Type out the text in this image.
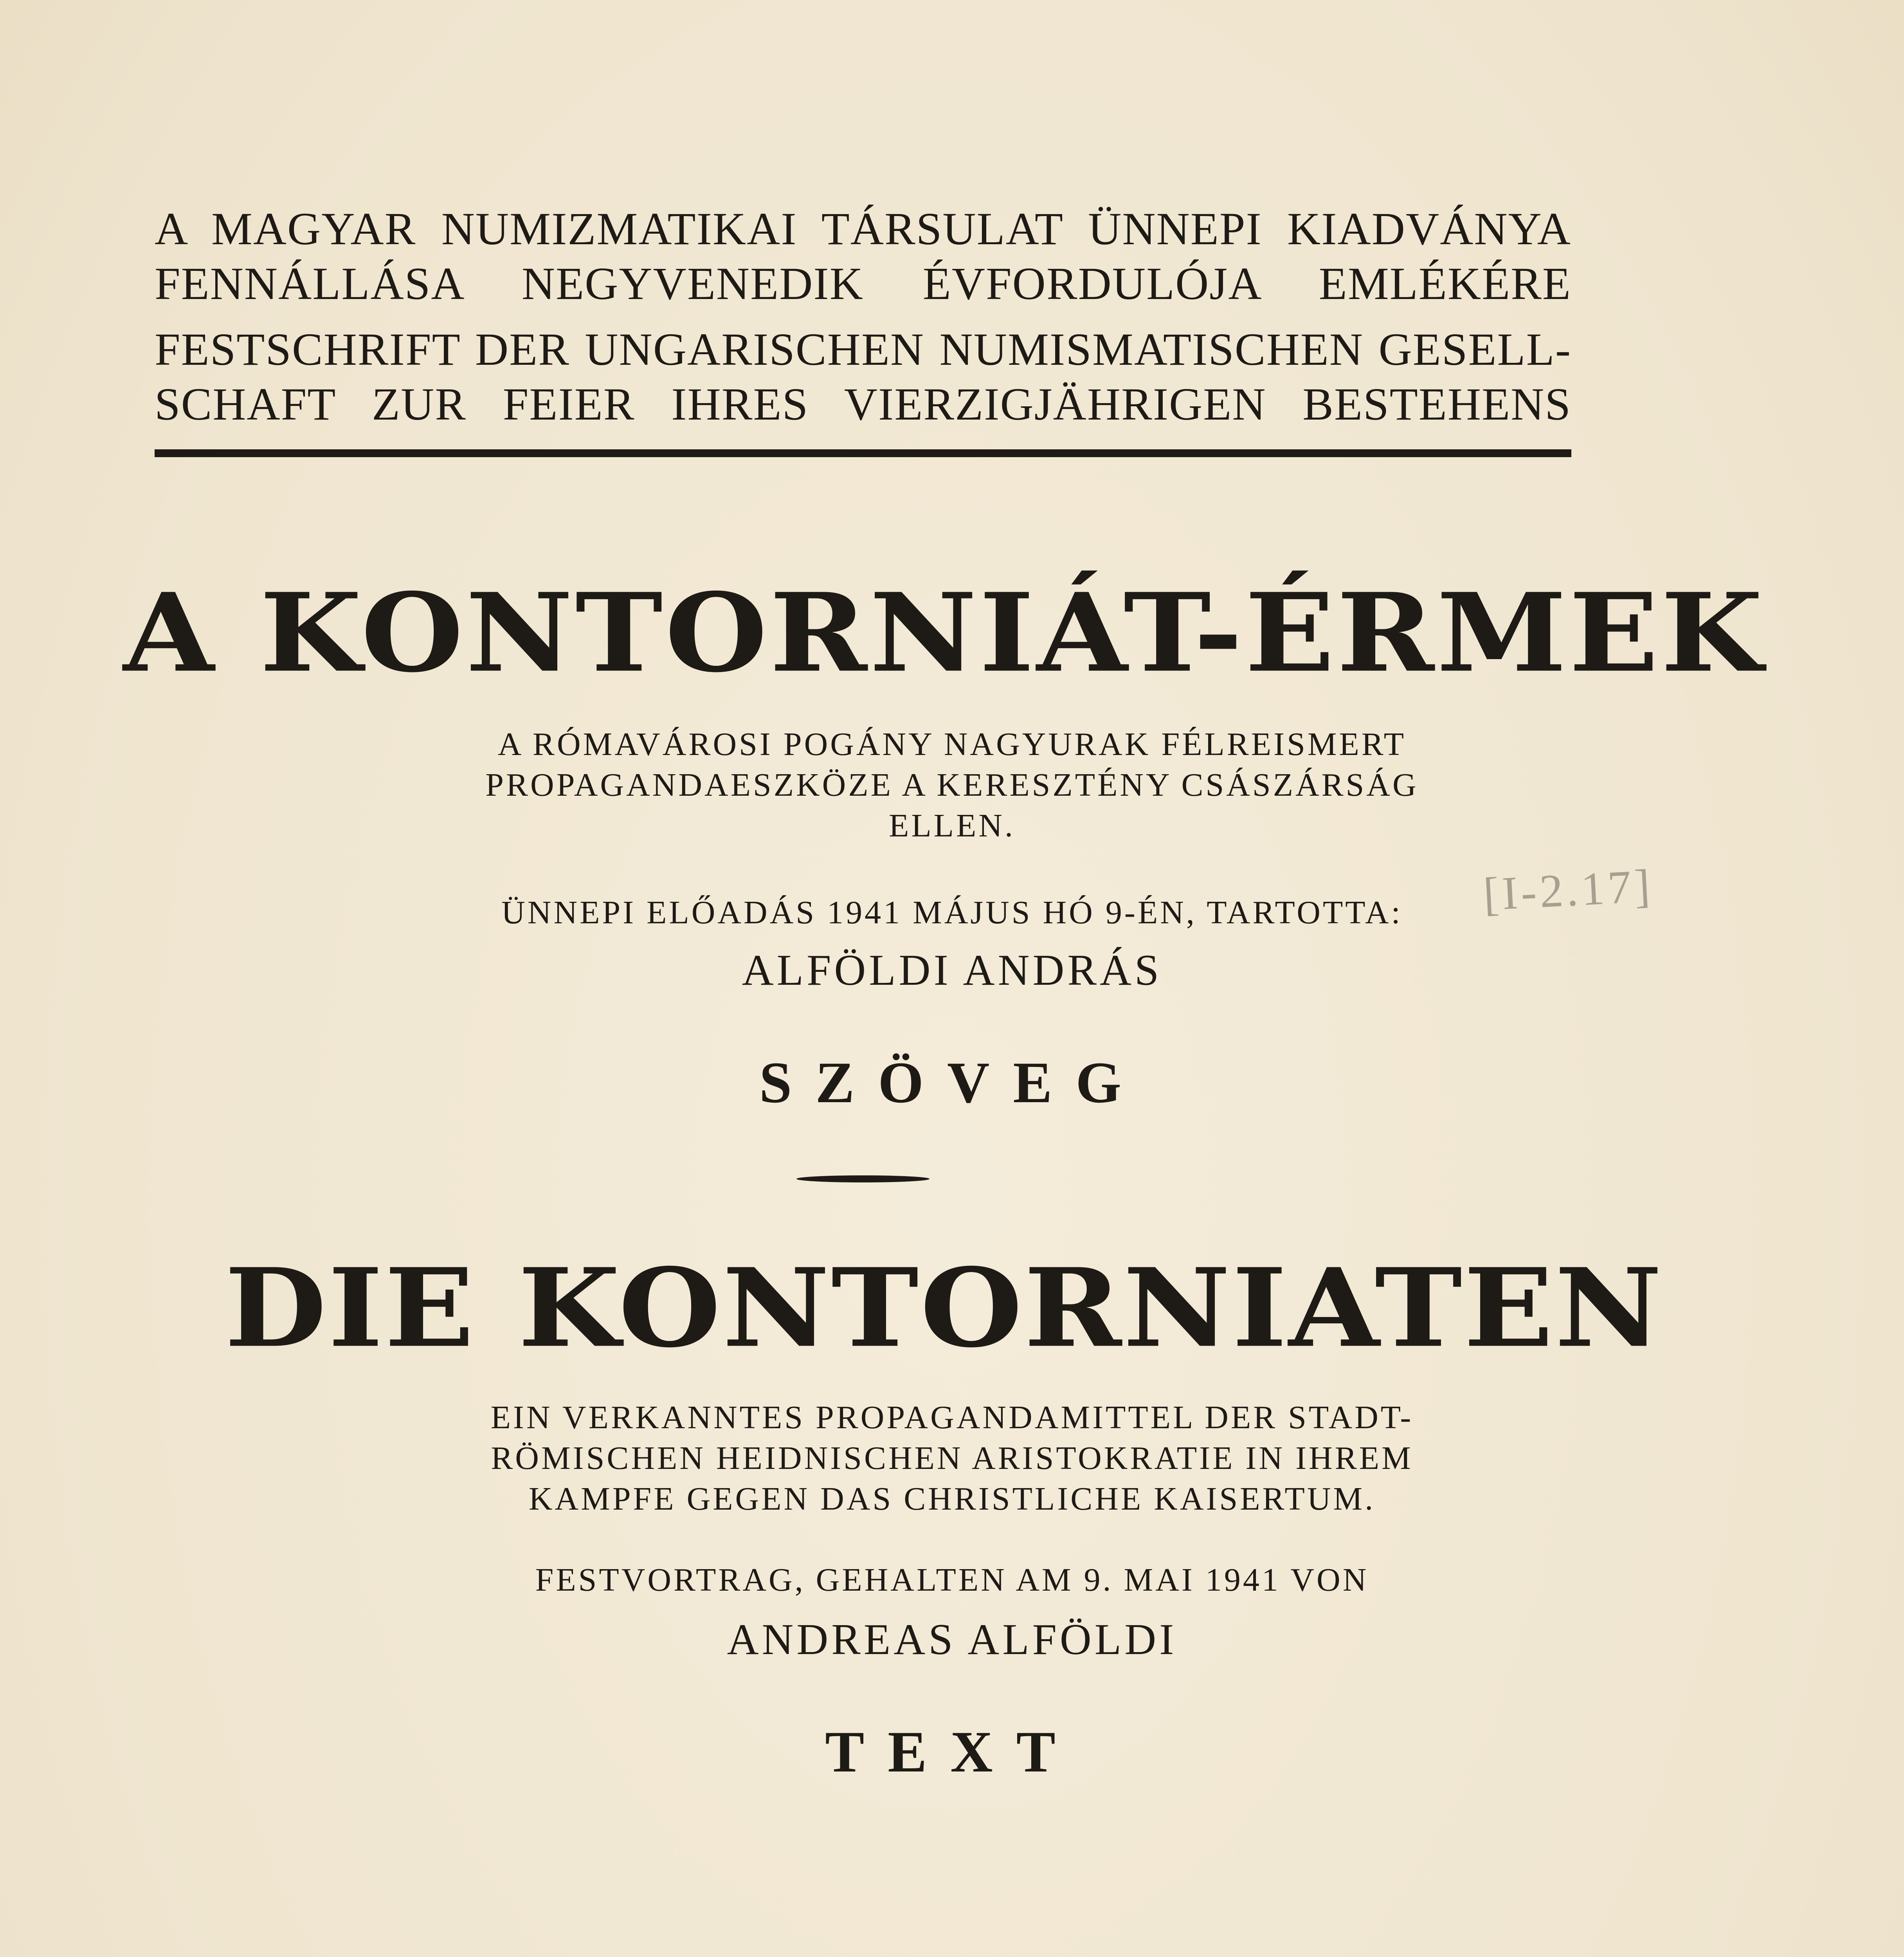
A MAGYAR NUMIZMATIKAI TÁRSULAT ÜNNEPI KIADVÁNYA
FENNÁLLÁSA NEGYVENEDIK ÉVFORDULÓJA EMLÉKÉRE
FESTSCHRIFT DER UNGARISCHEN NUMISMATISCHEN GESELL-
SCHAFT ZUR FEIER IHRES VIERZIGJÄHRIGEN BESTEHENS
A KONTORNIÁT-ÉRMEK
A RÓMAVÁROSI POGÁNY NAGYURAK FÉLREISMERT
PROPAGANDAESZKÖZE A KERESZTÉNY CSÁSZÁRSÁG
ELLEN.
ÜNNEPI ELŐADÁS 1941 MÁJUS HÓ 9-ÉN, TARTOTTA:
ALFÖLDI ANDRÁS
SZÖVEG
[I-2.17]
DIE KONTORNIATEN
EIN VERKANNTES PROPAGANDAMITTEL DER STADT-
RÖMISCHEN HEIDNISCHEN ARISTOKRATIE IN IHREM
KAMPFE GEGEN DAS CHRISTLICHE KAISERTUM.
FESTVORTRAG, GEHALTEN AM 9. MAI 1941 VON
ANDREAS ALFÖLDI
TEXT
